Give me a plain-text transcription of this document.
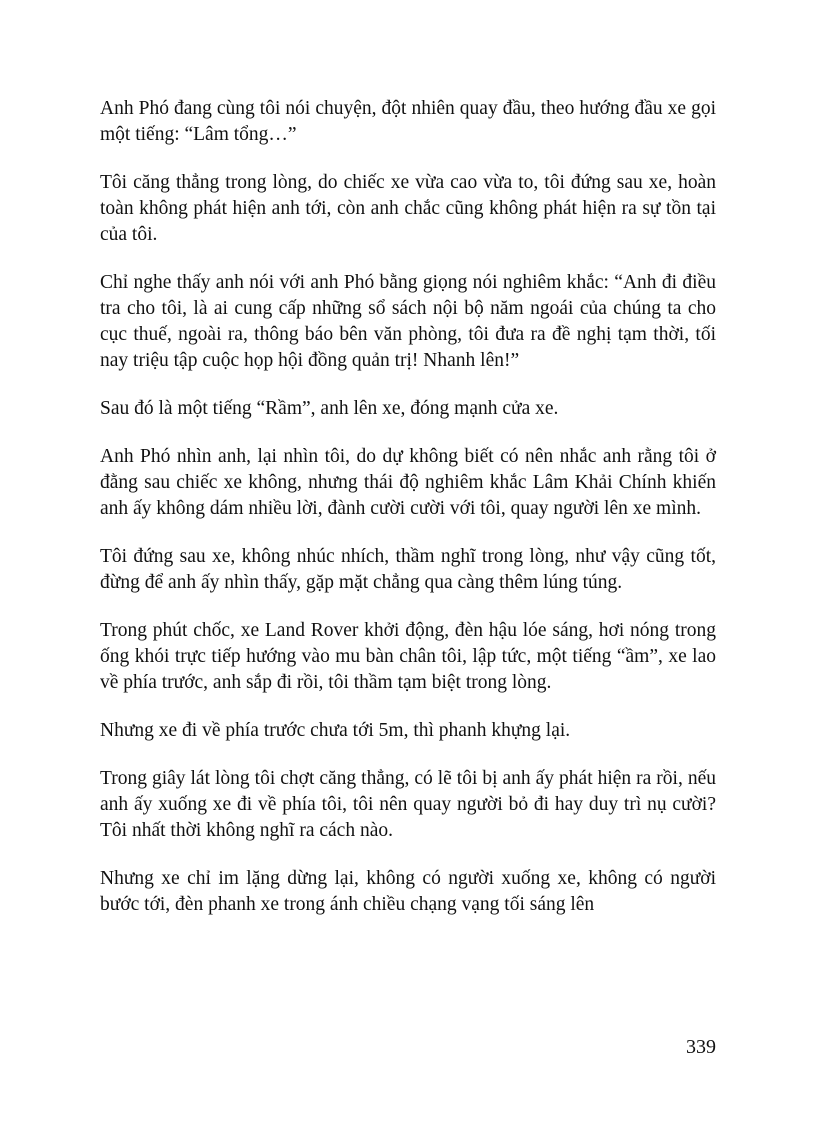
Anh Phó đang cùng tôi nói chuyện, đột nhiên quay đầu, theo hướng đầu xe gọi một tiếng: “Lâm tổng…”

Tôi căng thẳng trong lòng, do chiếc xe vừa cao vừa to, tôi đứng sau xe, hoàn toàn không phát hiện anh tới, còn anh chắc cũng không phát hiện ra sự tồn tại của tôi.

Chỉ nghe thấy anh nói với anh Phó bằng giọng nói nghiêm khắc: “Anh đi điều tra cho tôi, là ai cung cấp những sổ sách nội bộ năm ngoái của chúng ta cho cục thuế, ngoài ra, thông báo bên văn phòng, tôi đưa ra đề nghị tạm thời, tối nay triệu tập cuộc họp hội đồng quản trị! Nhanh lên!”

Sau đó là một tiếng “Rầm”, anh lên xe, đóng mạnh cửa xe.

Anh Phó nhìn anh, lại nhìn tôi, do dự không biết có nên nhắc anh rằng tôi ở đằng sau chiếc xe không, nhưng thái độ nghiêm khắc Lâm Khải Chính khiến anh ấy không dám nhiều lời, đành cười cười với tôi, quay người lên xe mình.

Tôi đứng sau xe, không nhúc nhích, thầm nghĩ trong lòng, như vậy cũng tốt, đừng để anh ấy nhìn thấy, gặp mặt chẳng qua càng thêm lúng túng.

Trong phút chốc, xe Land Rover khởi động, đèn hậu lóe sáng, hơi nóng trong ống khói trực tiếp hướng vào mu bàn chân tôi, lập tức, một tiếng “ầm”, xe lao về phía trước, anh sắp đi rồi, tôi thầm tạm biệt trong lòng.

Nhưng xe đi về phía trước chưa tới 5m, thì phanh khựng lại.

Trong giây lát lòng tôi chợt căng thẳng, có lẽ tôi bị anh ấy phát hiện ra rồi, nếu anh ấy xuống xe đi về phía tôi, tôi nên quay người bỏ đi hay duy trì nụ cười? Tôi nhất thời không nghĩ ra cách nào.

Nhưng xe chỉ im lặng dừng lại, không có người xuống xe, không có người bước tới, đèn phanh xe trong ánh chiều chạng vạng tối sáng lên

339
